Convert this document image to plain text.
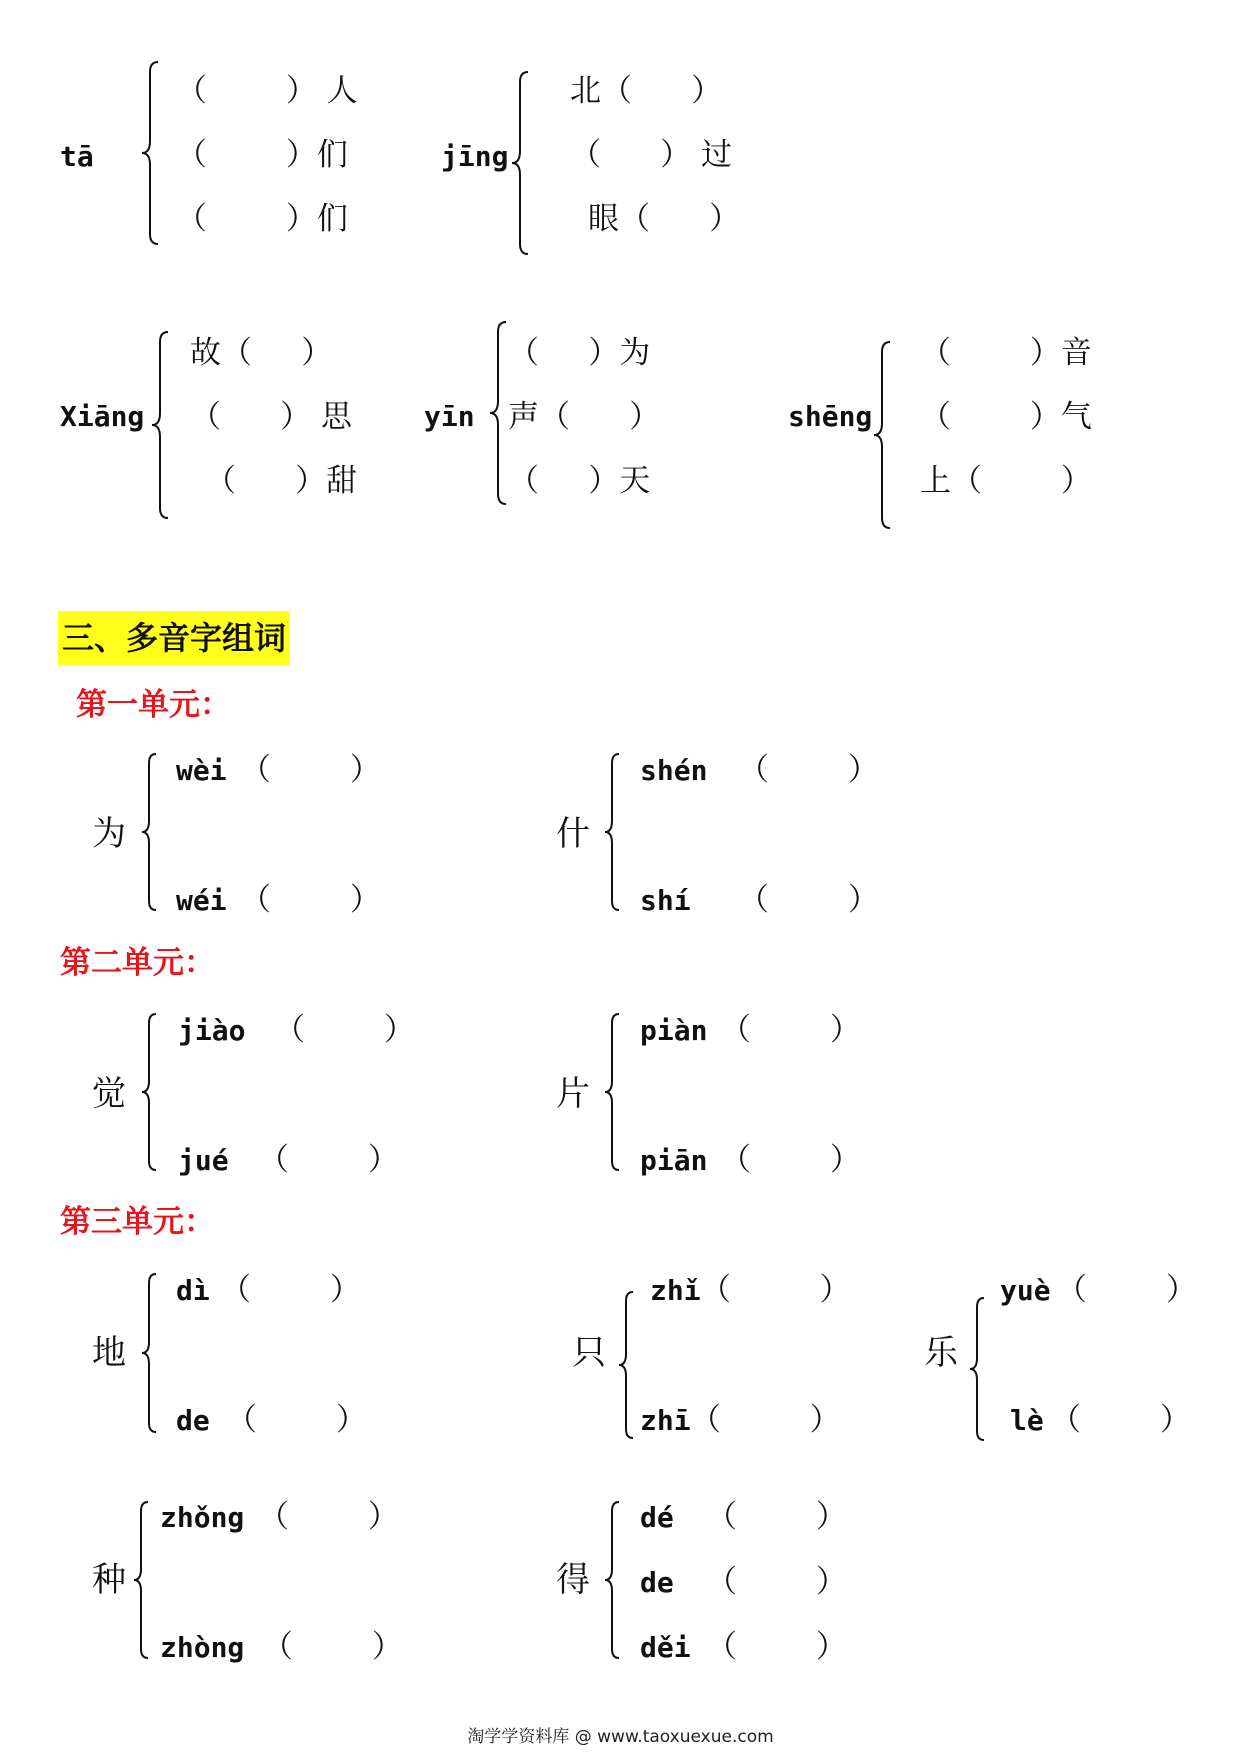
tā
（        ） 人
（        ）们
（        ）们
jīng
北（      ）
（      ） 过
眼（      ）
Xiāng
故（     ）
（      ） 思
（      ）甜
yīn
（     ）为
声（      ）
（     ）天
shēng
（        ）音
（        ）气
上（        ）
三、多音字组词
第一单元：
第二单元：
第三单元：
为
wèi （        ）
wéi （        ）
什
shén （        ）
shí （        ）
觉
jiào （        ）
jué （        ）
片
piàn （        ）
piān （        ）
地
dì （        ）
de （        ）
只
zhǐ （         ）
zhī （         ）
乐
yuè （        ）
lè （        ）
种
zhǒng （        ）
zhòng （        ）
得
dé （        ）
de （        ）
děi （        ）
淘学学资料库 @ www.taoxuexue.com
